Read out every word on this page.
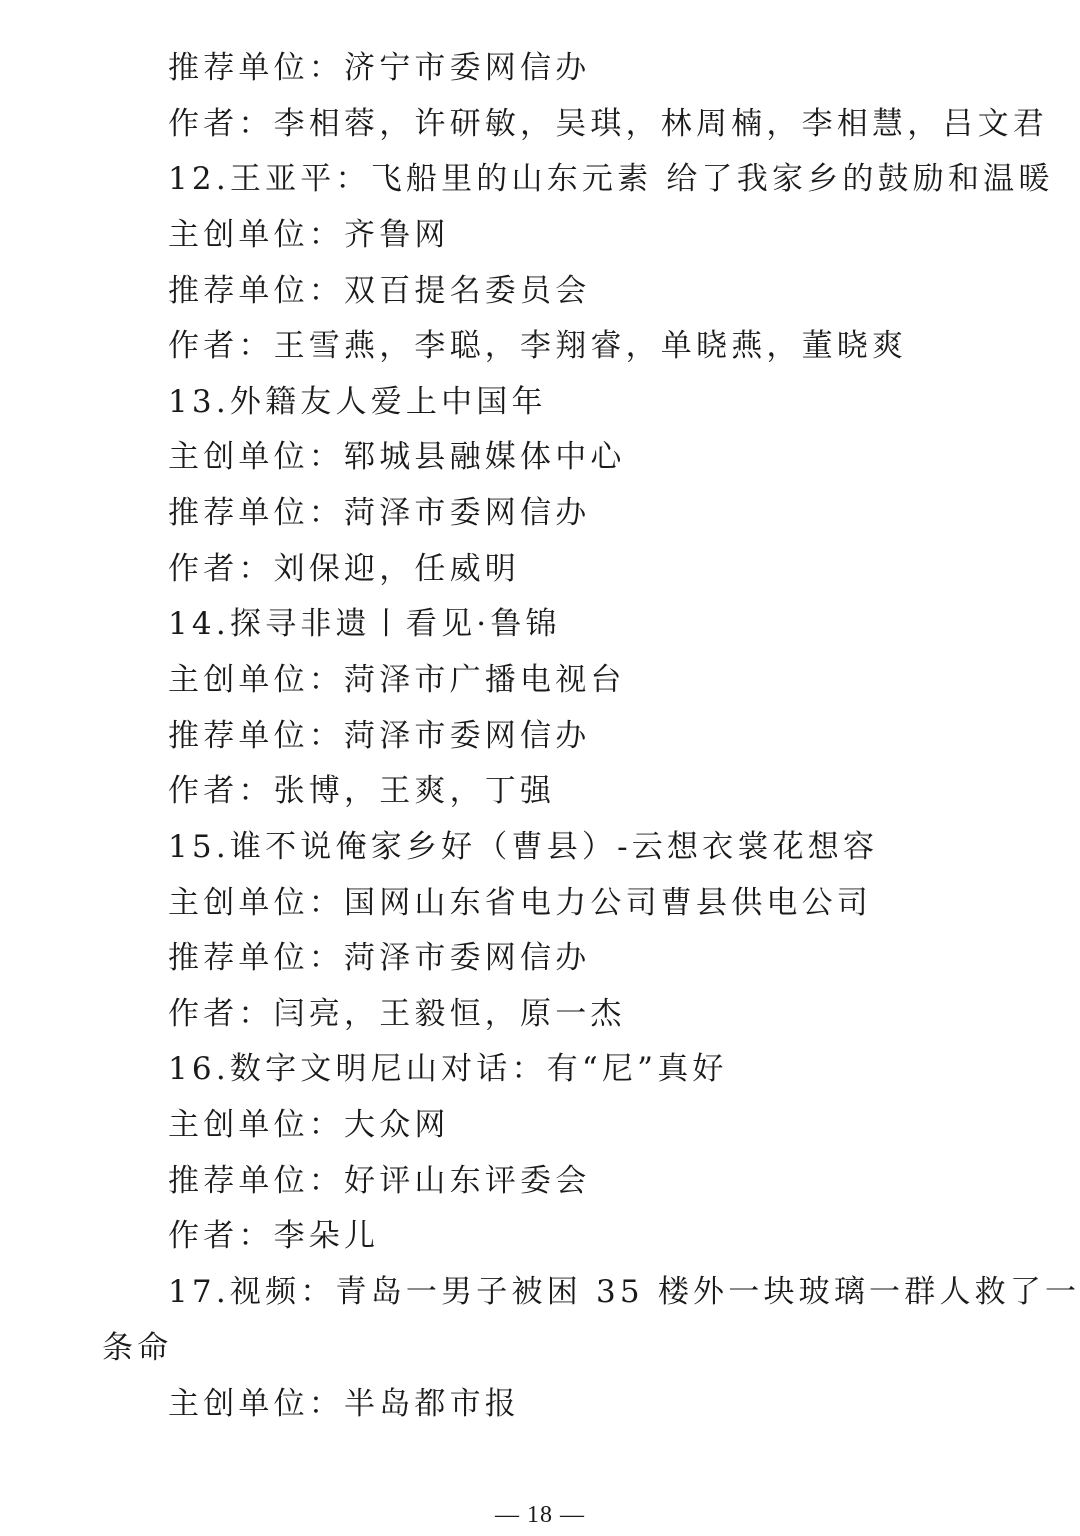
推荐单位：济宁市委网信办
作者：李相蓉，许研敏，吴琪，林周楠，李相慧，吕文君
12.王亚平：飞船里的山东元素 给了我家乡的鼓励和温暖
主创单位：齐鲁网
推荐单位：双百提名委员会
作者：王雪燕，李聪，李翔睿，单晓燕，董晓爽
13.外籍友人爱上中国年
主创单位：郓城县融媒体中心
推荐单位：菏泽市委网信办
作者：刘保迎，任威明
14.探寻非遗丨看见·鲁锦
主创单位：菏泽市广播电视台
推荐单位：菏泽市委网信办
作者：张博，王爽，丁强
15.谁不说俺家乡好（曹县）-云想衣裳花想容
主创单位：国网山东省电力公司曹县供电公司
推荐单位：菏泽市委网信办
作者：闫亮，王毅恒，原一杰
16.数字文明尼山对话：有“尼”真好
主创单位：大众网
推荐单位：好评山东评委会
作者：李朵儿
17.视频：青岛一男子被困 35 楼外一块玻璃一群人救了一
条命
主创单位：半岛都市报
— 18 —
